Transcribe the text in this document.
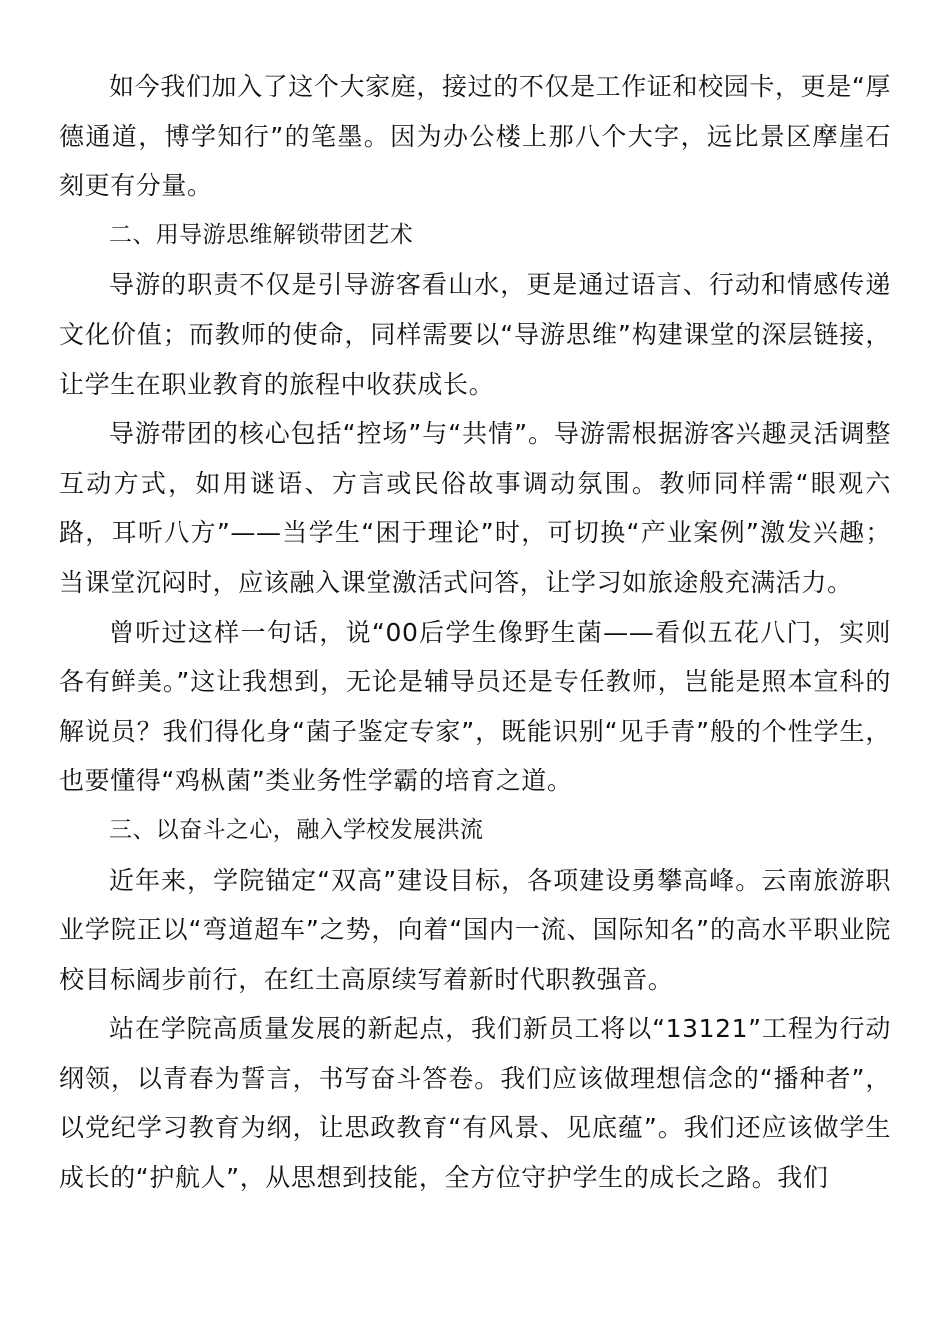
如今我们加入了这个大家庭，接过的不仅是工作证和校园卡，更是“厚德通道，博学知行”的笔墨。因为办公楼上那八个大字，远比景区摩崖石刻更有分量。

二、用导游思维解锁带团艺术

导游的职责不仅是引导游客看山水，更是通过语言、行动和情感传递文化价值；而教师的使命，同样需要以“导游思维”构建课堂的深层链接，让学生在职业教育的旅程中收获成长。

导游带团的核心包括“控场”与“共情”。导游需根据游客兴趣灵活调整互动方式，如用谜语、方言或民俗故事调动氛围。教师同样需“眼观六路，耳听八方”——当学生“困于理论”时，可切换“产业案例”激发兴趣；当课堂沉闷时，应该融入课堂激活式问答，让学习如旅途般充满活力。

曾听过这样一句话，说“00后学生像野生菌——看似五花八门，实则各有鲜美。”这让我想到，无论是辅导员还是专任教师，岂能是照本宣科的解说员？我们得化身“菌子鉴定专家”，既能识别“见手青”般的个性学生，也要懂得“鸡枞菌”类业务性学霸的培育之道。

三、以奋斗之心，融入学校发展洪流

近年来，学院锚定“双高”建设目标，各项建设勇攀高峰。云南旅游职业学院正以“弯道超车”之势，向着“国内一流、国际知名”的高水平职业院校目标阔步前行，在红土高原续写着新时代职教强音。

站在学院高质量发展的新起点，我们新员工将以“13121”工程为行动纲领，以青春为誓言，书写奋斗答卷。我们应该做理想信念的“播种者”，以党纪学习教育为纲，让思政教育“有风景、见底蕴”。我们还应该做学生成长的“护航人”，从思想到技能，全方位守护学生的成长之路。我们
